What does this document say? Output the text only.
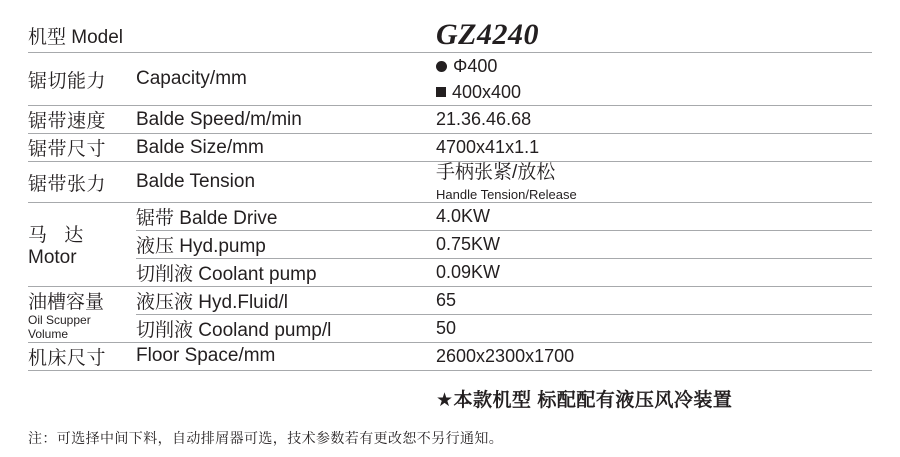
机型 Model		GZ4240
锯切能力	Capacity/mm	Φ400
400x400

锯带速度	Balde Speed/m/min	21.36.46.68
锯带尺寸	Balde Size/mm	4700x41x1.1
锯带张力	Balde Tension	手柄张紧/放松
Handle Tension/Release

马 达
Motor	锯带 Balde Drive	4.0KW
	液压 Hyd.pump	0.75KW
	切削液 Coolant pump	0.09KW

油槽容量
Oil Scupper
Volume	液压液 Hyd.Fluid/l	65
	切削液 Cooland pump/l	50
机床尺寸	Floor Space/mm	2600x2300x1700
★本款机型 标配配有液压风冷装置
注：可选择中间下料，自动排屑器可选，技术参数若有更改恕不另行通知。
